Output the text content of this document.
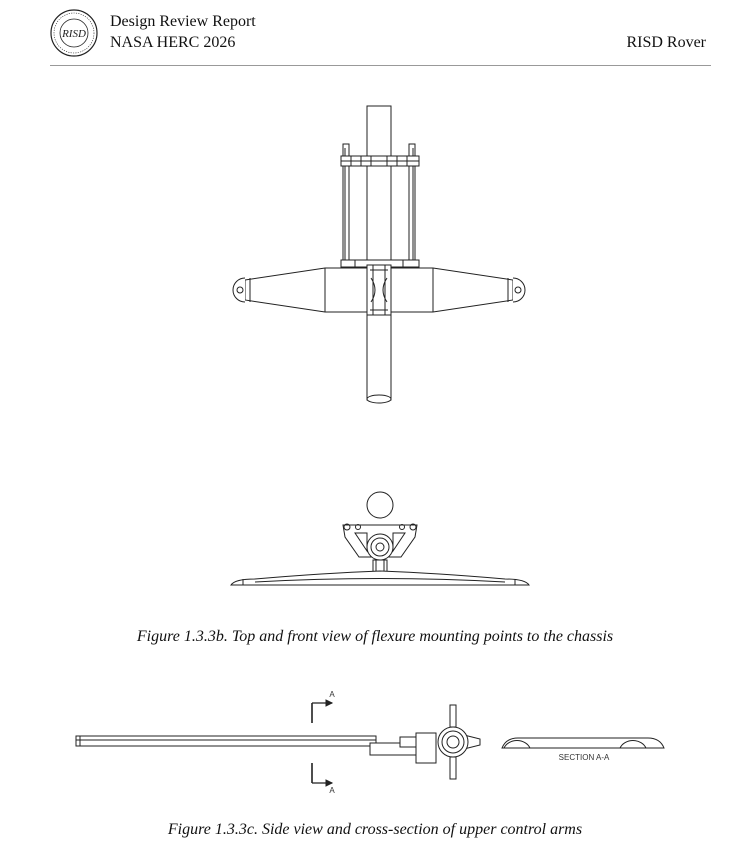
RISD
Design Review Report
NASA HERC 2026	RISD Rover
Figure 1.3.3b. Top and front view of flexure mounting points to the chassis
A
A
SECTION A-A
Figure 1.3.3c. Side view and cross-section of upper control arms
